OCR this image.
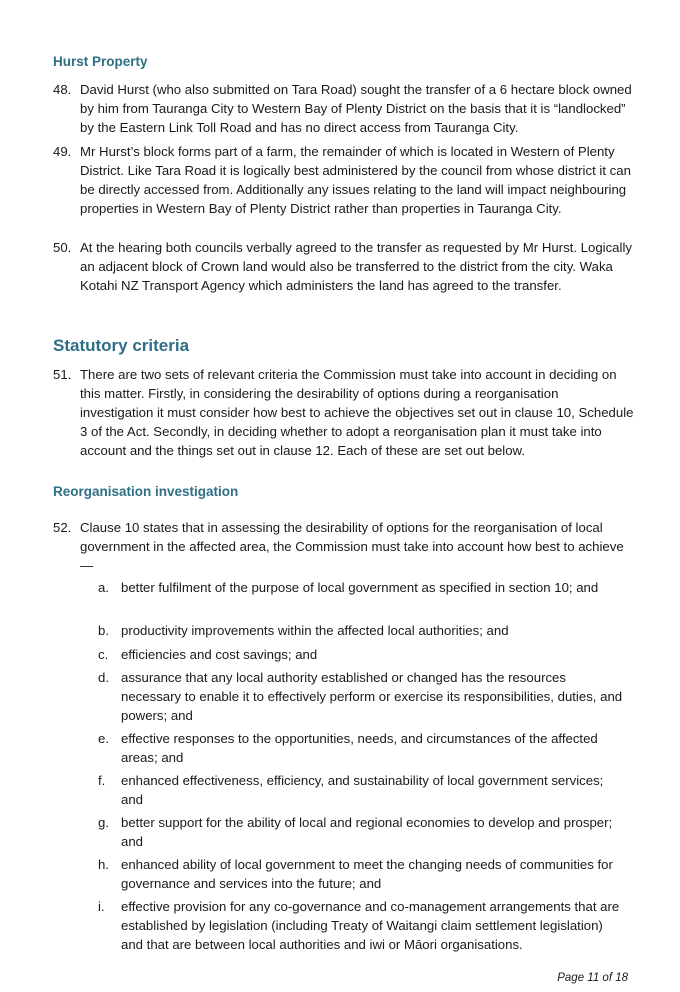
Hurst Property
48. David Hurst (who also submitted on Tara Road) sought the transfer of a 6 hectare block owned by him from Tauranga City to Western Bay of Plenty District on the basis that it is “landlocked” by the Eastern Link Toll Road and has no direct access from Tauranga City.
49. Mr Hurst’s block forms part of a farm, the remainder of which is located in Western of Plenty District. Like Tara Road it is logically best administered by the council from whose district it can be directly accessed from. Additionally any issues relating to the land will impact neighbouring properties in Western Bay of Plenty District rather than properties in Tauranga City.
50. At the hearing both councils verbally agreed to the transfer as requested by Mr Hurst. Logically an adjacent block of Crown land would also be transferred to the district from the city. Waka Kotahi NZ Transport Agency which administers the land has agreed to the transfer.
Statutory criteria
51. There are two sets of relevant criteria the Commission must take into account in deciding on this matter. Firstly, in considering the desirability of options during a reorganisation investigation it must consider how best to achieve the objectives set out in clause 10, Schedule 3 of the Act. Secondly, in deciding whether to adopt a reorganisation plan it must take into account and the things set out in clause 12. Each of these are set out below.
Reorganisation investigation
52. Clause 10 states that in assessing the desirability of options for the reorganisation of local government in the affected area, the Commission must take into account how best to achieve—
a. better fulfilment of the purpose of local government as specified in section 10; and
b. productivity improvements within the affected local authorities; and
c. efficiencies and cost savings; and
d. assurance that any local authority established or changed has the resources necessary to enable it to effectively perform or exercise its responsibilities, duties, and powers; and
e. effective responses to the opportunities, needs, and circumstances of the affected areas; and
f. enhanced effectiveness, efficiency, and sustainability of local government services; and
g. better support for the ability of local and regional economies to develop and prosper; and
h. enhanced ability of local government to meet the changing needs of communities for governance and services into the future; and
i. effective provision for any co-governance and co-management arrangements that are established by legislation (including Treaty of Waitangi claim settlement legislation) and that are between local authorities and iwi or Māori organisations.
Page 11 of 18
